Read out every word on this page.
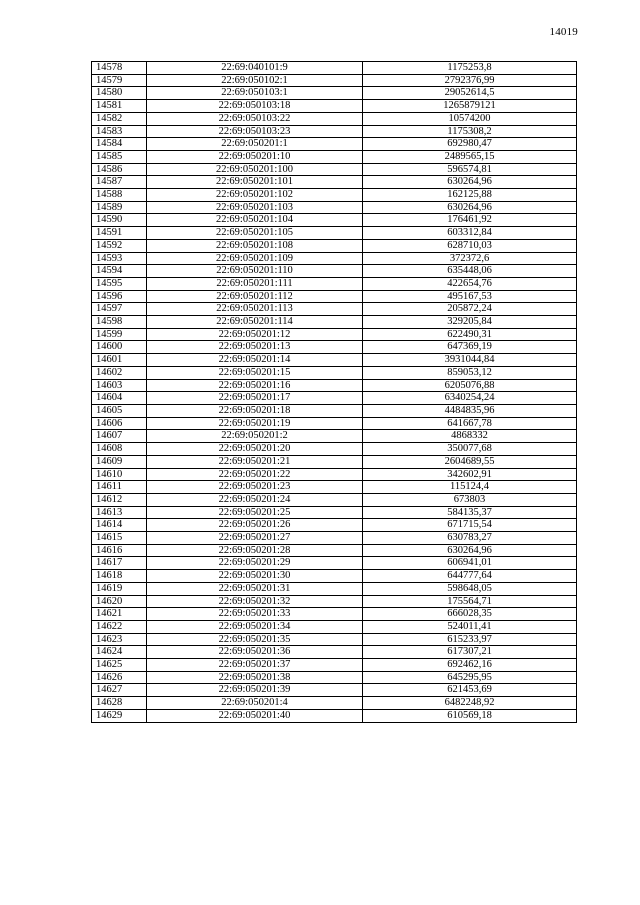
14019
14578	22:69:040101:9	1175253,8
14579	22:69:050102:1	2792376,99
14580	22:69:050103:1	29052614,5
14581	22:69:050103:18	1265879121
14582	22:69:050103:22	10574200
14583	22:69:050103:23	1175308,2
14584	22:69:050201:1	692980,47
14585	22:69:050201:10	2489565,15
14586	22:69:050201:100	596574,81
14587	22:69:050201:101	630264,96
14588	22:69:050201:102	162125,88
14589	22:69:050201:103	630264,96
14590	22:69:050201:104	176461,92
14591	22:69:050201:105	603312,84
14592	22:69:050201:108	628710,03
14593	22:69:050201:109	372372,6
14594	22:69:050201:110	635448,06
14595	22:69:050201:111	422654,76
14596	22:69:050201:112	495167,53
14597	22:69:050201:113	205872,24
14598	22:69:050201:114	329205,84
14599	22:69:050201:12	622490,31
14600	22:69:050201:13	647369,19
14601	22:69:050201:14	3931044,84
14602	22:69:050201:15	859053,12
14603	22:69:050201:16	6205076,88
14604	22:69:050201:17	6340254,24
14605	22:69:050201:18	4484835,96
14606	22:69:050201:19	641667,78
14607	22:69:050201:2	4868332
14608	22:69:050201:20	350077,68
14609	22:69:050201:21	2604689,55
14610	22:69:050201:22	342602,91
14611	22:69:050201:23	115124,4
14612	22:69:050201:24	673803
14613	22:69:050201:25	584135,37
14614	22:69:050201:26	671715,54
14615	22:69:050201:27	630783,27
14616	22:69:050201:28	630264,96
14617	22:69:050201:29	606941,01
14618	22:69:050201:30	644777,64
14619	22:69:050201:31	598648,05
14620	22:69:050201:32	175564,71
14621	22:69:050201:33	666028,35
14622	22:69:050201:34	524011,41
14623	22:69:050201:35	615233,97
14624	22:69:050201:36	617307,21
14625	22:69:050201:37	692462,16
14626	22:69:050201:38	645295,95
14627	22:69:050201:39	621453,69
14628	22:69:050201:4	6482248,92
14629	22:69:050201:40	610569,18
